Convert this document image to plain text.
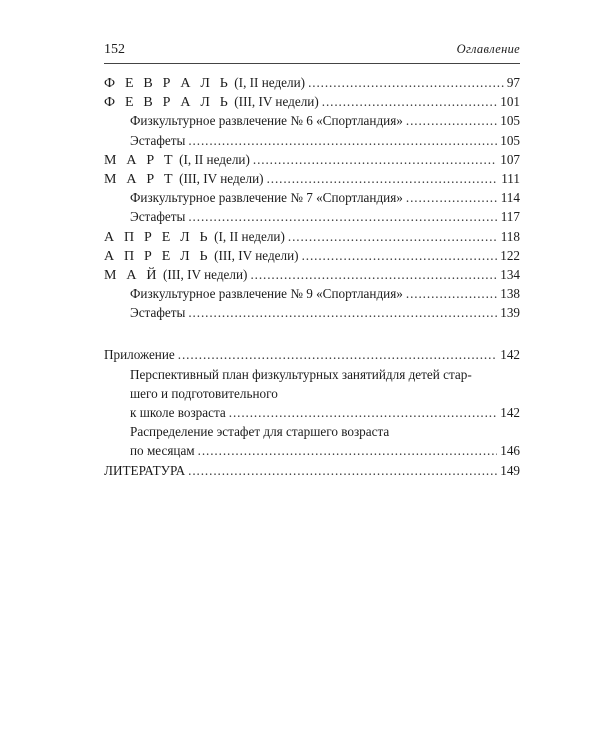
152	Оглавление
Ф Е В Р А Л Ь (I, II недели) . . .	97
Ф Е В Р А Л Ь (III, IV недели) . . .	101
Физкультурное развлечение № 6 «Спортландия» . . .	105
Эстафеты . . .	105
М А Р Т (I, II недели) . . .	107
М А Р Т (III, IV недели) . . .	111
Физкультурное развлечение № 7 «Спортландия» . . .	114
Эстафеты . . .	117
А П Р Е Л Ь (I, II недели) . . .	118
А П Р Е Л Ь (III, IV недели) . . .	122
М А Й (III, IV недели) . . .	134
Физкультурное развлечение № 9 «Спортландия» . . .	138
Эстафеты . . .	139
Приложение . . .	142
Перспективный план физкультурных занятийдля детей стар-
шего и подготовительного
к школе возраста . . .	142
Распределение эстафет для старшего возраста
по месяцам . . .	146
ЛИТЕРАТУРА . . .	149
